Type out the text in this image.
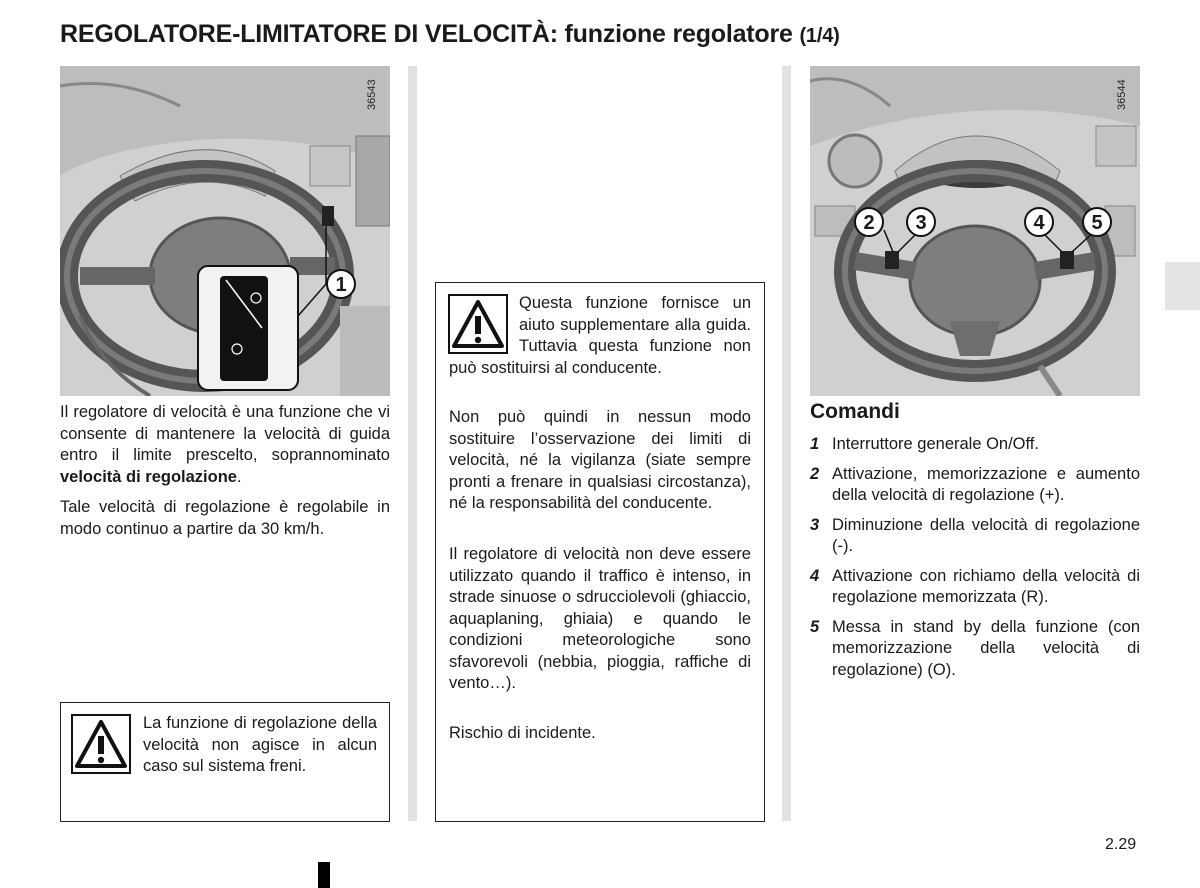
REGOLATORE-LIMITATORE DI VELOCITÀ: funzione regolatore (1/4)
36543
1

Il regolatore di velocità è una funzione che vi consente di mantenere la velocità di guida entro il limite prescelto, soprannominato velocità di regolazione.

Tale velocità di regolazione è regolabile in modo continuo a partire da 30 km/h.

La funzione di regolazione della velocità non agisce in alcun caso sul sistema freni.

Questa funzione fornisce un aiuto supplementare alla guida. Tuttavia questa funzione non può sostituirsi al conducente.

Non può quindi in nessun modo sostituire l’osservazione dei limiti di velocità, né la vigilanza (siate sempre pronti a frenare in qualsiasi circostanza), né la responsabilità del conducente.

Il regolatore di velocità non deve essere utilizzato quando il traffico è intenso, in strade sinuose o sdrucciolevoli (ghiaccio, aquaplaning, ghiaia) e quando le condizioni meteorologiche sono sfavorevoli (nebbia, pioggia, raffiche di vento…).

Rischio di incidente.

36544
2	3	4	5
Comandi
1 Interruttore generale On/Off.
2 Attivazione, memorizzazione e aumento della velocità di regolazione (+).
3 Diminuzione della velocità di regolazione (-).
4 Attivazione con richiamo della velocità di regolazione memorizzata (R).
5 Messa in stand by della funzione (con memorizzazione della velocità di regolazione) (O).
2.29
